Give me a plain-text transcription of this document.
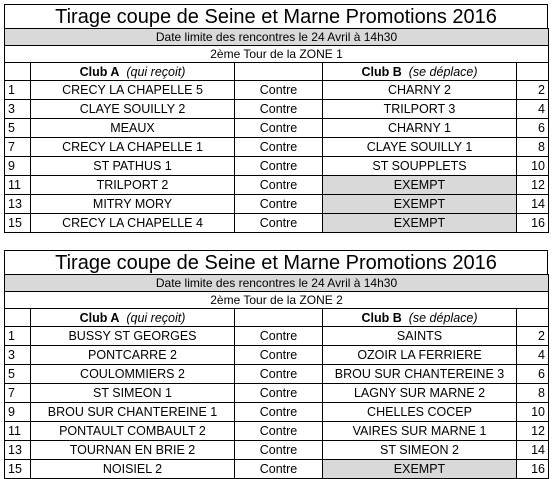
Tirage coupe de Seine et Marne Promotions 2016
Date limite des rencontres le 24 Avril à 14h30				
2ème Tour de la ZONE 1				
	Club A (qui reçoit)		Club B (se déplace)	
1	CRECY LA CHAPELLE 5	Contre	CHARNY 2	2
3	CLAYE SOUILLY 2	Contre	TRILPORT 3	4
5	MEAUX	Contre	CHARNY 1	6
7	CRECY LA CHAPELLE 1	Contre	CLAYE SOUILLY 1	8
9	ST PATHUS 1	Contre	ST SOUPPLETS	10
11	TRILPORT 2	Contre	EXEMPT	12
13	MITRY MORY	Contre	EXEMPT	14
15	CRECY LA CHAPELLE 4	Contre	EXEMPT	16
Tirage coupe de Seine et Marne Promotions 2016
Date limite des rencontres le 24 Avril à 14h30				
2ème Tour de la ZONE 2				
	Club A (qui reçoit)		Club B (se déplace)	
1	BUSSY ST GEORGES	Contre	SAINTS	2
3	PONTCARRE 2	Contre	OZOIR LA FERRIERE	4
5	COULOMMIERS 2	Contre	BROU SUR CHANTEREINE 3	6
7	ST SIMEON 1	Contre	LAGNY SUR MARNE 2	8
9	BROU SUR CHANTEREINE 1	Contre	CHELLES COCEP	10
11	PONTAULT COMBAULT 2	Contre	VAIRES SUR MARNE 1	12
13	TOURNAN EN BRIE 2	Contre	ST SIMEON 2	14
15	NOISIEL 2	Contre	EXEMPT	16
